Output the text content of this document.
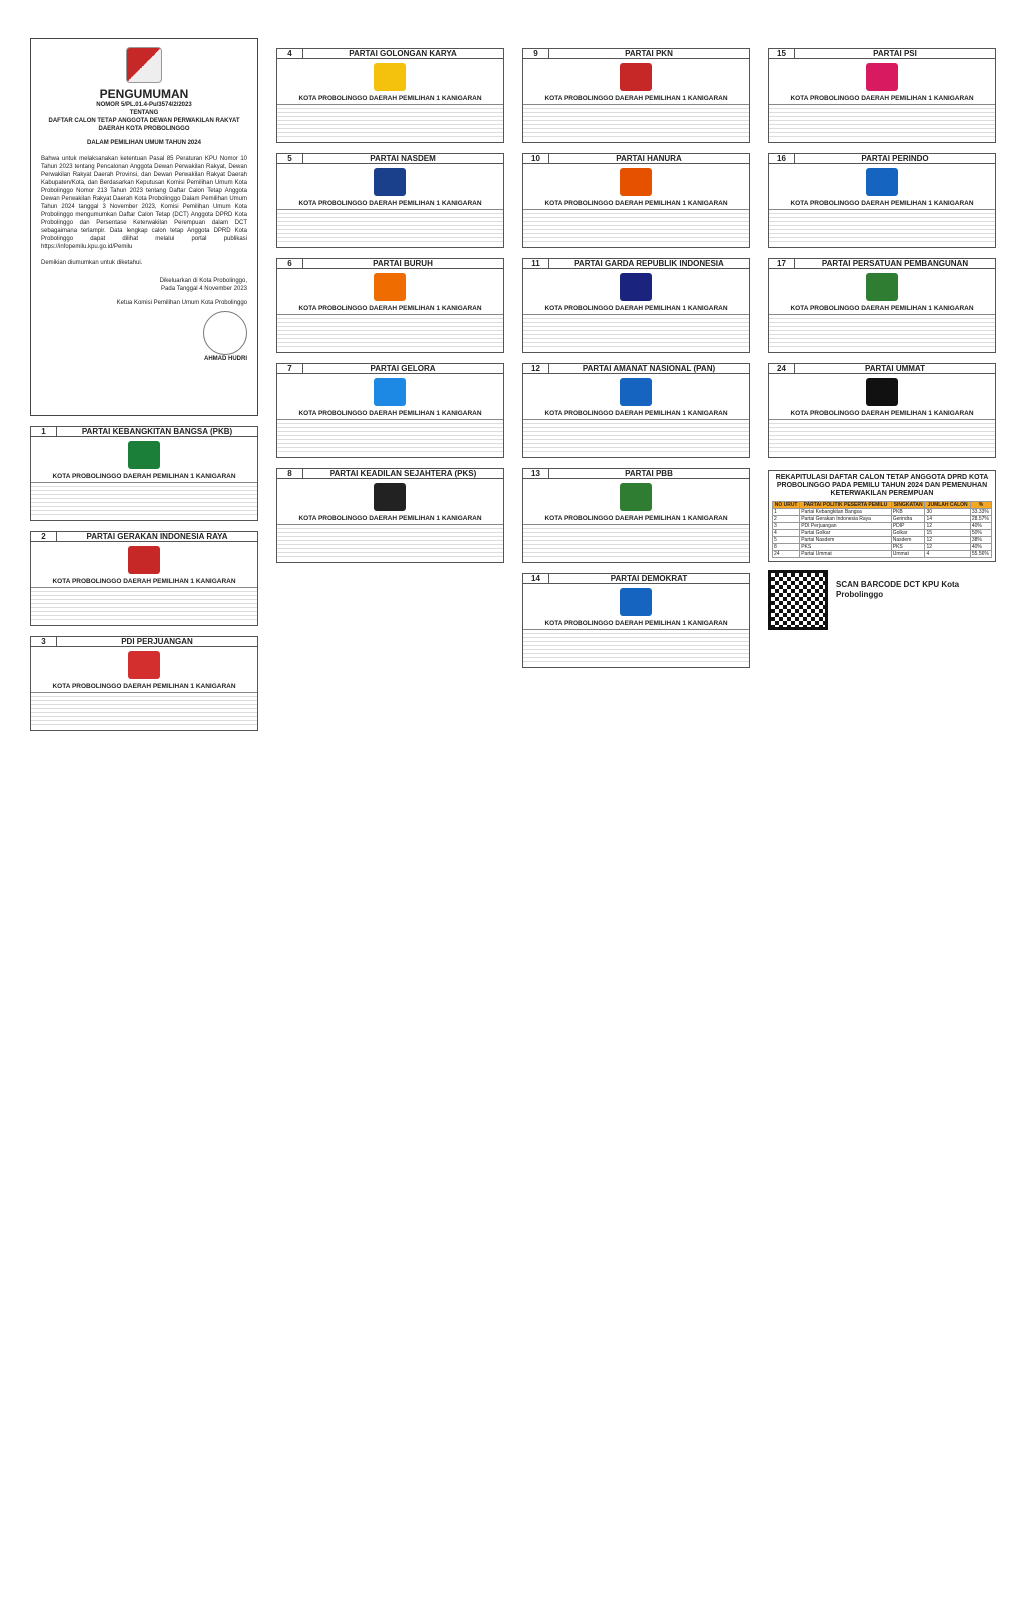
PENGUMUMAN
NOMOR 5/PL.01.4-Pu/3574/2/2023
TENTANG
DAFTAR CALON TETAP ANGGOTA DEWAN PERWAKILAN RAKYAT DAERAH KOTA PROBOLINGGO
DALAM PEMILIHAN UMUM TAHUN 2024

Bahwa untuk melaksanakan ketentuan Pasal 85 Peraturan KPU Nomor 10 Tahun 2023 tentang Pencalonan Anggota Dewan Perwakilan Rakyat, Dewan Perwakilan Rakyat Daerah Provinsi, dan Dewan Perwakilan Rakyat Daerah Kabupaten/Kota, dan Berdasarkan Keputusan Komisi Pemilihan Umum Kota Probolinggo Nomor 213 Tahun 2023 tentang Daftar Calon Tetap Anggota Dewan Perwakilan Rakyat Daerah Kota Probolinggo Dalam Pemilihan Umum Tahun 2024 tanggal 3 November 2023, Komisi Pemilihan Umum Kota Probolinggo mengumumkan Daftar Calon Tetap (DCT) Anggota DPRD Kota Probolinggo dan Persentase Keterwakilan Perempuan dalam DCT sebagaimana terlampir. Data lengkap calon tetap Anggota DPRD Kota Probolinggo dapat dilihat melalui portal publikasi https://infopemilu.kpu.go.id/Pemilu

Demikian diumumkan untuk diketahui.

Dikeluarkan di Kota Probolinggo,
Pada Tanggal 4 November 2023
Ketua Komisi Pemilihan Umum Kota Probolinggo
AHMAD HUDRI
1	PARTAI KEBANGKITAN BANGSA (PKB)
KOTA PROBOLINGGO DAERAH PEMILIHAN 1 KANIGARAN
2	PARTAI GERAKAN INDONESIA RAYA
KOTA PROBOLINGGO DAERAH PEMILIHAN 1 KANIGARAN
3	PDI PERJUANGAN
KOTA PROBOLINGGO DAERAH PEMILIHAN 1 KANIGARAN
4	PARTAI GOLONGAN KARYA
KOTA PROBOLINGGO DAERAH PEMILIHAN 1 KANIGARAN
5	PARTAI NASDEM
KOTA PROBOLINGGO DAERAH PEMILIHAN 1 KANIGARAN
6	PARTAI BURUH
KOTA PROBOLINGGO DAERAH PEMILIHAN 1 KANIGARAN
7	PARTAI GELORA
KOTA PROBOLINGGO DAERAH PEMILIHAN 1 KANIGARAN
8	PARTAI KEADILAN SEJAHTERA (PKS)
KOTA PROBOLINGGO DAERAH PEMILIHAN 1 KANIGARAN
9	PARTAI PKN
KOTA PROBOLINGGO DAERAH PEMILIHAN 1 KANIGARAN
10	PARTAI HANURA
KOTA PROBOLINGGO DAERAH PEMILIHAN 1 KANIGARAN
11	PARTAI GARDA REPUBLIK INDONESIA
KOTA PROBOLINGGO DAERAH PEMILIHAN 1 KANIGARAN
12	PARTAI AMANAT NASIONAL (PAN)
KOTA PROBOLINGGO DAERAH PEMILIHAN 1 KANIGARAN
13	PARTAI PBB
KOTA PROBOLINGGO DAERAH PEMILIHAN 1 KANIGARAN
14	PARTAI DEMOKRAT
KOTA PROBOLINGGO DAERAH PEMILIHAN 1 KANIGARAN
15	PARTAI PSI
KOTA PROBOLINGGO DAERAH PEMILIHAN 1 KANIGARAN
16	PARTAI PERINDO
KOTA PROBOLINGGO DAERAH PEMILIHAN 1 KANIGARAN
17	PARTAI PERSATUAN PEMBANGUNAN
KOTA PROBOLINGGO DAERAH PEMILIHAN 1 KANIGARAN
24	PARTAI UMMAT
KOTA PROBOLINGGO DAERAH PEMILIHAN 1 KANIGARAN
REKAPITULASI DAFTAR CALON TETAP ANGGOTA DPRD KOTA PROBOLINGGO PADA PEMILU TAHUN 2024 DAN PEMENUHAN KETERWAKILAN PEREMPUAN
NO URUT	PARTAI POLITIK PESERTA PEMILU	SINGKATAN	JUMLAH CALON	%
1	Partai Kebangkitan Bangsa	PKB	30	33.33%
2	Partai Gerakan Indonesia Raya	Gerindra	14	28.57%
3	PDI Perjuangan	PDIP	12	40%
4	Partai Golkar	Golkar	15	50%
5	Partai Nasdem	Nasdem	12	38%
8	PKS	PKS	12	40%
24	Partai Ummat	Ummat	4	55.56%
SCAN BARCODE DCT KPU Kota Probolinggo
